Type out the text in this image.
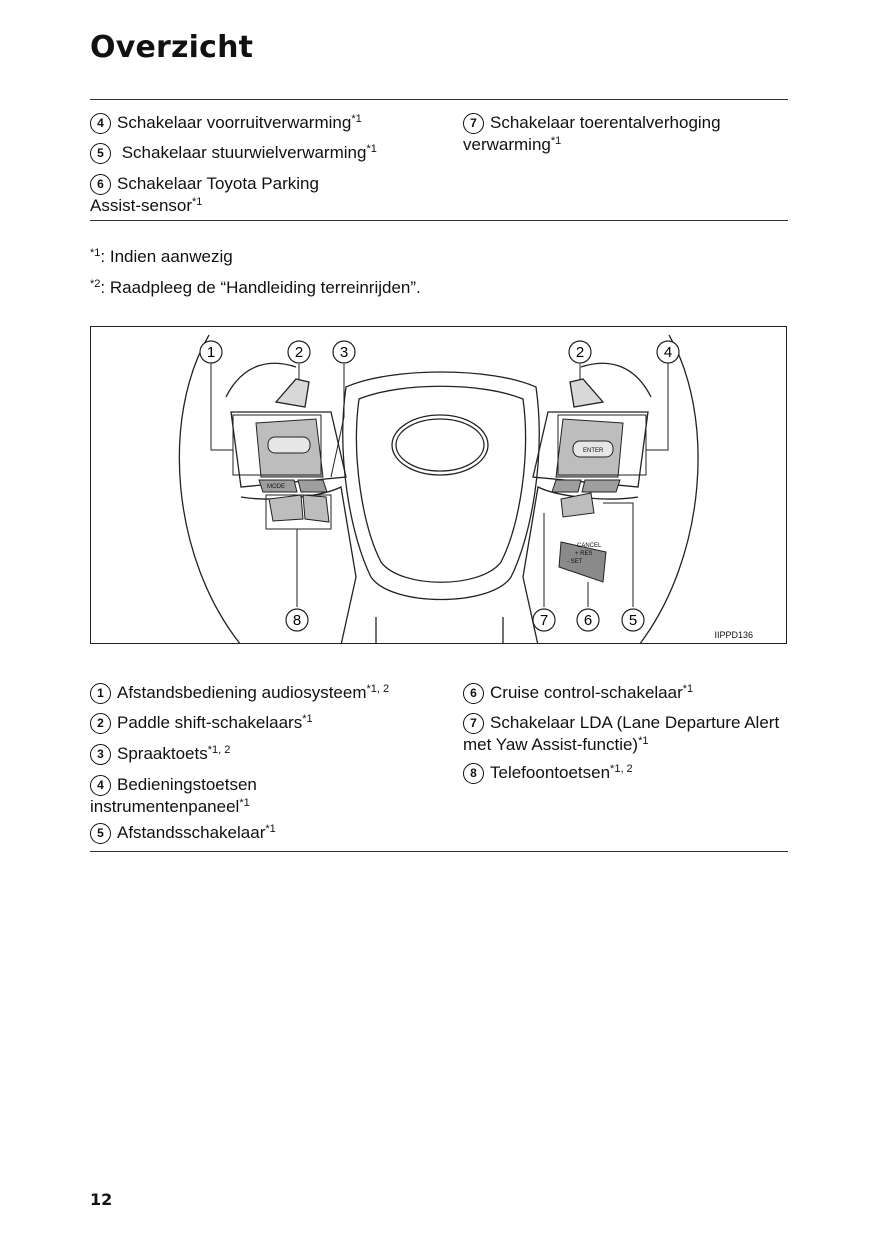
Overzicht
4 Schakelaar voorruitverwarming$^{*1}$
5 Schakelaar stuurwielverwarming$^{*1}$
6 Schakelaar Toyota Parking
Assist-sensor$^{*1}$
7 Schakelaar toerentalverhoging
verwarming$^{*1}$
$^{*1}$: Indien aanwezig
$^{*2}$: Raadpleeg de “Handleiding terreinrijden”.
MODE
ENTER
- SET
+ RES
CANCEL
1	2 3	2	4
8	7 6 5
IIPPD136
1 Afstandsbediening audiosysteem$^{*1, 2}$
2 Paddle shift-schakelaars$^{*1}$
3 Spraaktoets$^{*1, 2}$
4 Bedieningstoetsen
instrumentenpaneel$^{*1}$
5 Afstandsschakelaar$^{*1}$
6 Cruise control-schakelaar$^{*1}$
7 Schakelaar LDA (Lane Departure Alert
met Yaw Assist-functie)$^{*1}$
8 Telefoontoetsen$^{*1, 2}$
12
